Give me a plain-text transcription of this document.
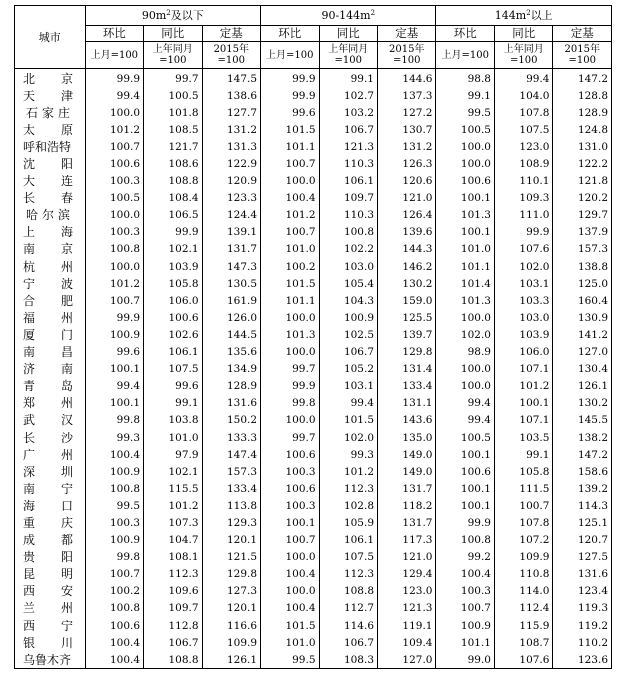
城市	$90m^2$及以下			$90-144m^2$			$144m^2$以上		
	环比	同比	定基	环比	同比	定基	环比	同比	定基
	上月=100	上年同月=100	2015年=100	上月=100	上年同月=100	2015年=100	上月=100	上年同月=100	2015年=100

北 京	99.9	99.7	147.5	99.9	99.1	144.6	98.8	99.4	147.2

天 津	99.4	100.5	138.6	99.9	102.7	137.3	99.1	104.0	128.8

石 家 庄	100.0	101.8	127.7	99.6	103.2	127.2	99.5	107.8	128.9

太 原	101.2	108.5	131.2	101.5	106.7	130.7	100.5	107.5	124.8
呼和浩特	100.7	121.7	131.3	101.1	121.3	131.2	100.0	123.0	131.0

沈 阳	100.6	108.6	122.9	100.7	110.3	126.3	100.0	108.9	122.2

大 连	100.3	108.8	120.9	100.0	106.1	120.6	100.6	110.1	121.8

长 春	100.5	108.4	123.3	100.4	109.7	121.0	100.1	109.3	120.2

哈 尔 滨	100.0	106.5	124.4	101.2	110.3	126.4	101.3	111.0	129.7

上 海	100.3	99.9	139.1	100.7	100.8	139.6	100.1	99.9	137.9

南 京	100.8	102.1	131.7	101.0	102.2	144.3	101.0	107.6	157.3

杭 州	100.0	103.9	147.3	100.2	103.0	146.2	101.1	102.0	138.8

宁 波	101.2	105.8	130.5	101.5	105.4	130.2	101.4	103.1	125.0

合 肥	100.7	106.0	161.9	101.1	104.3	159.0	101.3	103.3	160.4

福 州	99.9	100.6	126.0	100.0	100.9	125.5	100.0	103.0	130.9

厦 门	100.9	102.6	144.5	101.3	102.5	139.7	102.0	103.9	141.2

南 昌	99.6	106.1	135.6	100.0	106.7	129.8	98.9	106.0	127.0

济 南	100.1	107.5	134.9	99.7	105.2	131.4	100.0	107.1	130.4

青 岛	99.4	99.6	128.9	99.9	103.1	133.4	100.0	101.2	126.1

郑 州	100.1	99.1	131.6	99.8	99.4	131.1	99.4	100.1	130.2

武 汉	99.8	103.8	150.2	100.0	101.5	143.6	99.4	107.1	145.5

长 沙	99.3	101.0	133.3	99.7	102.0	135.0	100.5	103.5	138.2

广 州	100.4	97.9	147.4	100.6	99.3	149.0	100.1	99.1	147.2

深 圳	100.9	102.1	157.3	100.3	101.2	149.0	100.6	105.8	158.6

南 宁	100.8	115.5	133.4	100.6	112.3	131.7	100.1	111.5	139.2

海 口	99.5	101.2	113.8	100.3	102.8	118.2	100.1	100.7	114.3

重 庆	100.3	107.3	129.3	100.1	105.9	131.7	99.9	107.8	125.1

成 都	100.9	104.7	120.1	100.7	106.1	117.3	100.8	107.2	120.7

贵 阳	99.8	108.1	121.5	100.0	107.5	121.0	99.2	109.9	127.5

昆 明	100.7	112.3	129.8	100.4	112.3	129.4	100.4	110.8	131.6

西 安	100.2	109.6	127.3	100.0	108.8	123.0	100.3	114.0	123.4

兰 州	100.8	109.7	120.1	100.4	112.7	121.3	100.7	112.4	119.3

西 宁	100.6	112.8	116.6	101.5	114.6	119.1	100.9	115.9	119.2

银 川	100.4	106.7	109.9	101.0	106.7	109.4	101.1	108.7	110.2
乌鲁木齐	100.4	108.8	126.1	99.5	108.3	127.0	99.0	107.6	123.6
